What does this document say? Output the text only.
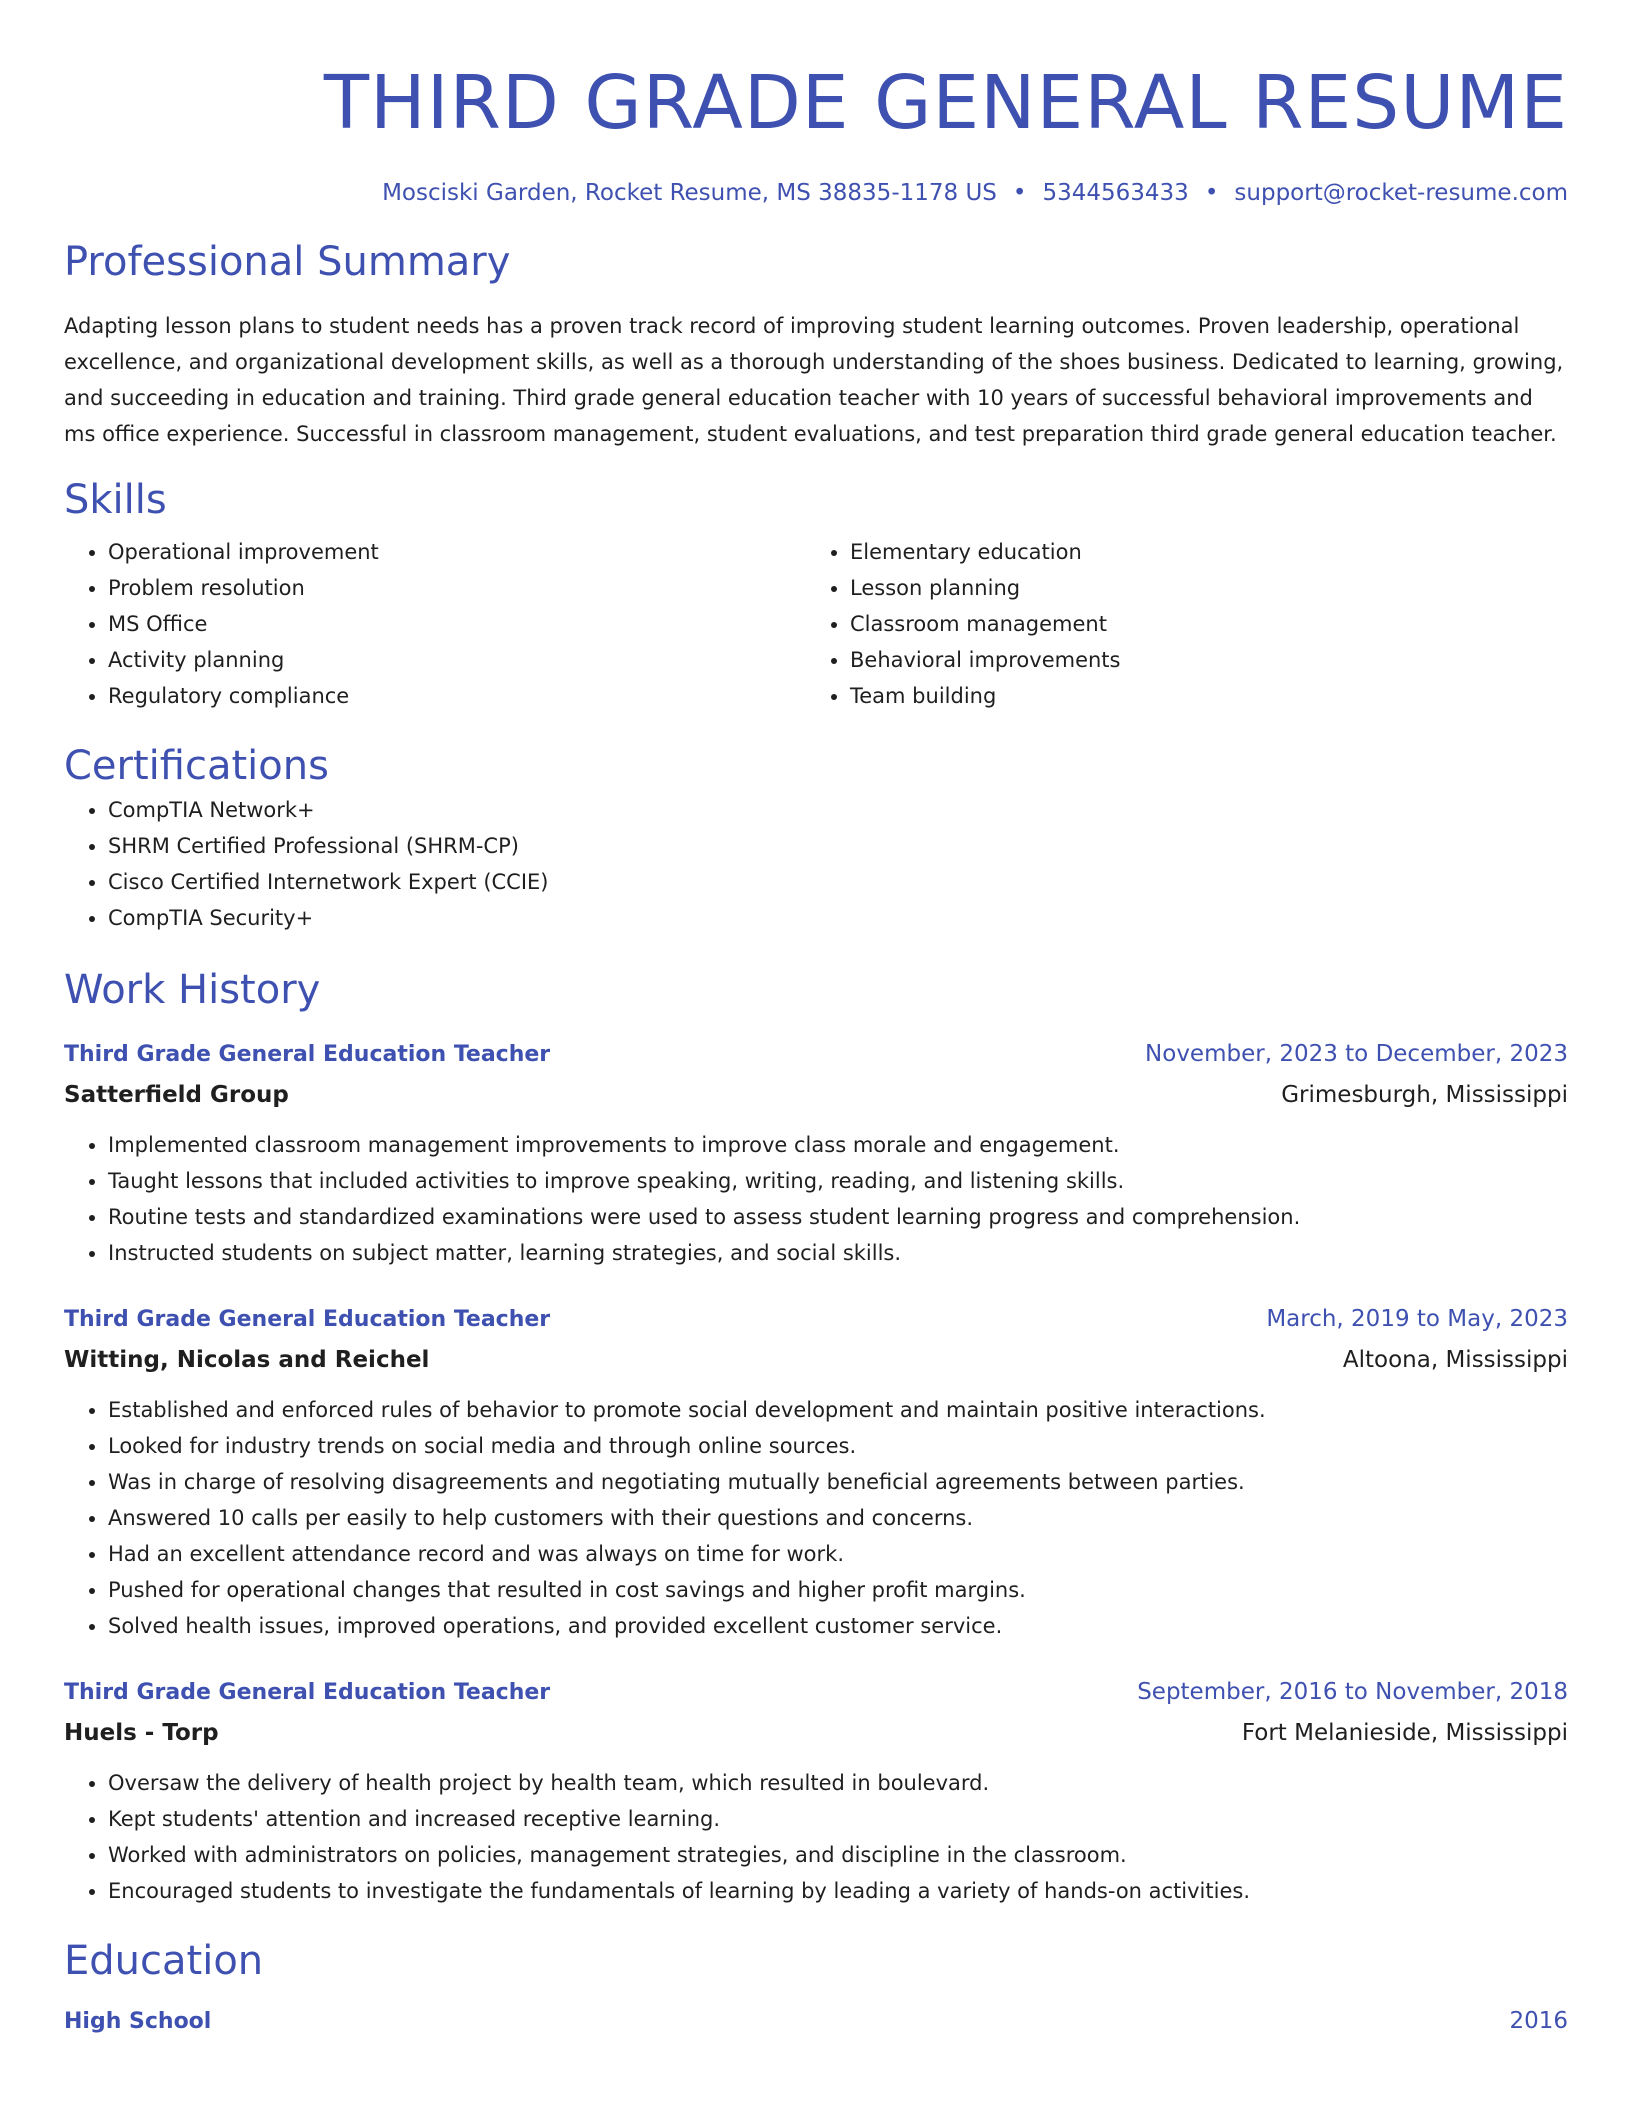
THIRD GRADE GENERAL RESUME
Mosciski Garden, Rocket Resume, MS 38835-1178 US • 5344563433 • support@rocket-resume.com
Professional Summary

Adapting lesson plans to student needs has a proven track record of improving student learning outcomes. Proven leadership, operational excellence, and organizational development skills, as well as a thorough understanding of the shoes business. Dedicated to learning, growing, and succeeding in education and training. Third grade general education teacher with 10 years of successful behavioral improvements and ms office experience. Successful in classroom management, student evaluations, and test preparation third grade general education teacher.

Skills
• Operational improvement
• Problem resolution
• MS Office
• Activity planning
• Regulatory compliance
• Elementary education
• Lesson planning
• Classroom management
• Behavioral improvements
• Team building
Certifications
• CompTIA Network+
• SHRM Certified Professional (SHRM-CP)
• Cisco Certified Internetwork Expert (CCIE)
• CompTIA Security+
Work History
Third Grade General Education Teacher	November, 2023 to December, 2023
Satterfield Group	Grimesburgh, Mississippi
• Implemented classroom management improvements to improve class morale and engagement.
• Taught lessons that included activities to improve speaking, writing, reading, and listening skills.
• Routine tests and standardized examinations were used to assess student learning progress and comprehension.
• Instructed students on subject matter, learning strategies, and social skills.
Third Grade General Education Teacher	March, 2019 to May, 2023
Witting, Nicolas and Reichel	Altoona, Mississippi
• Established and enforced rules of behavior to promote social development and maintain positive interactions.
• Looked for industry trends on social media and through online sources.
• Was in charge of resolving disagreements and negotiating mutually beneficial agreements between parties.
• Answered 10 calls per easily to help customers with their questions and concerns.
• Had an excellent attendance record and was always on time for work.
• Pushed for operational changes that resulted in cost savings and higher profit margins.
• Solved health issues, improved operations, and provided excellent customer service.
Third Grade General Education Teacher	September, 2016 to November, 2018
Huels - Torp	Fort Melanieside, Mississippi
• Oversaw the delivery of health project by health team, which resulted in boulevard.
• Kept students' attention and increased receptive learning.
• Worked with administrators on policies, management strategies, and discipline in the classroom.
• Encouraged students to investigate the fundamentals of learning by leading a variety of hands-on activities.
Education
High School	2016
